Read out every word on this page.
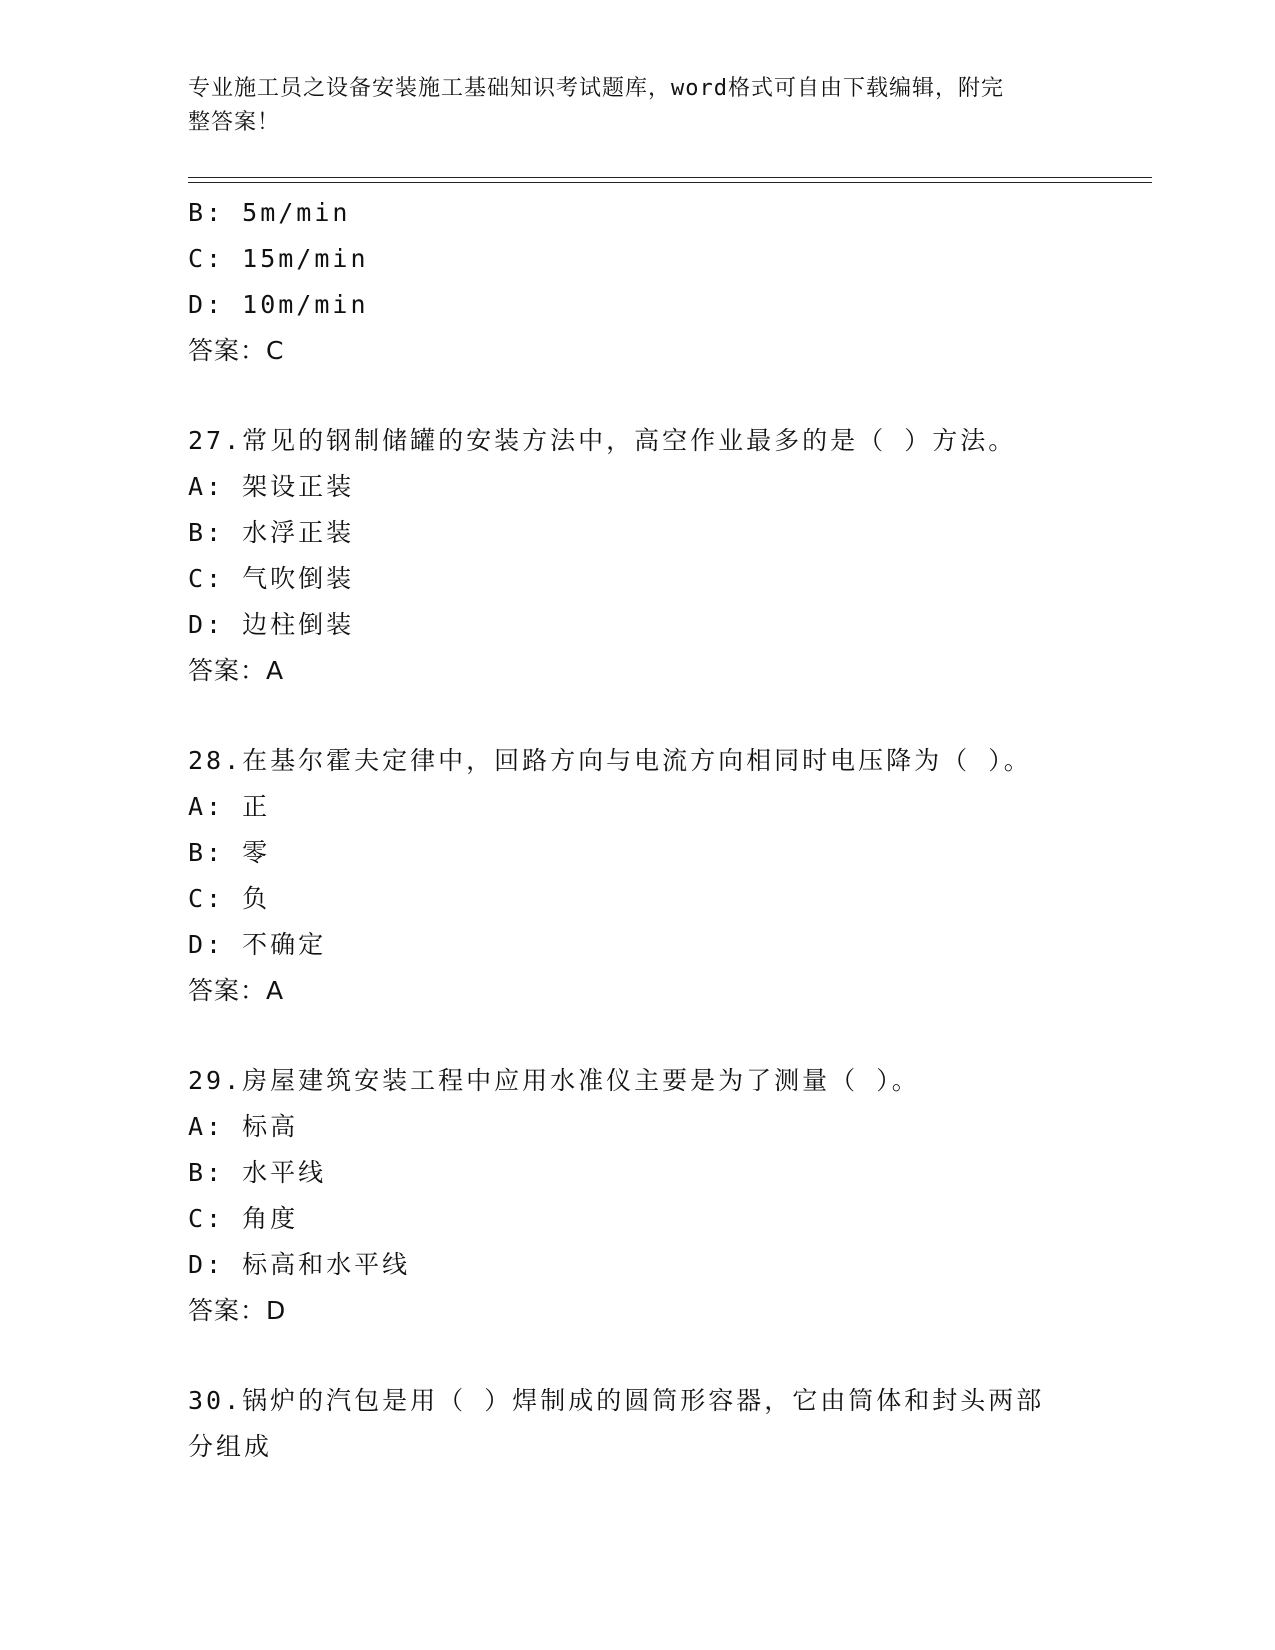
专业施工员之设备安装施工基础知识考试题库，word格式可自由下载编辑，附完
整答案！
B: 5m/min
C: 15m/min
D: 10m/min
答案：C
27.常见的钢制储罐的安装方法中，高空作业最多的是（ ）方法。
A: 架设正装
B: 水浮正装
C: 气吹倒装
D: 边柱倒装
答案：A
28.在基尔霍夫定律中，回路方向与电流方向相同时电压降为（ ）。
A: 正
B: 零
C: 负
D: 不确定
答案：A
29.房屋建筑安装工程中应用水准仪主要是为了测量（ ）。
A: 标高
B: 水平线
C: 角度
D: 标高和水平线
答案：D
30.锅炉的汽包是用（ ）焊制成的圆筒形容器，它由筒体和封头两部
分组成
